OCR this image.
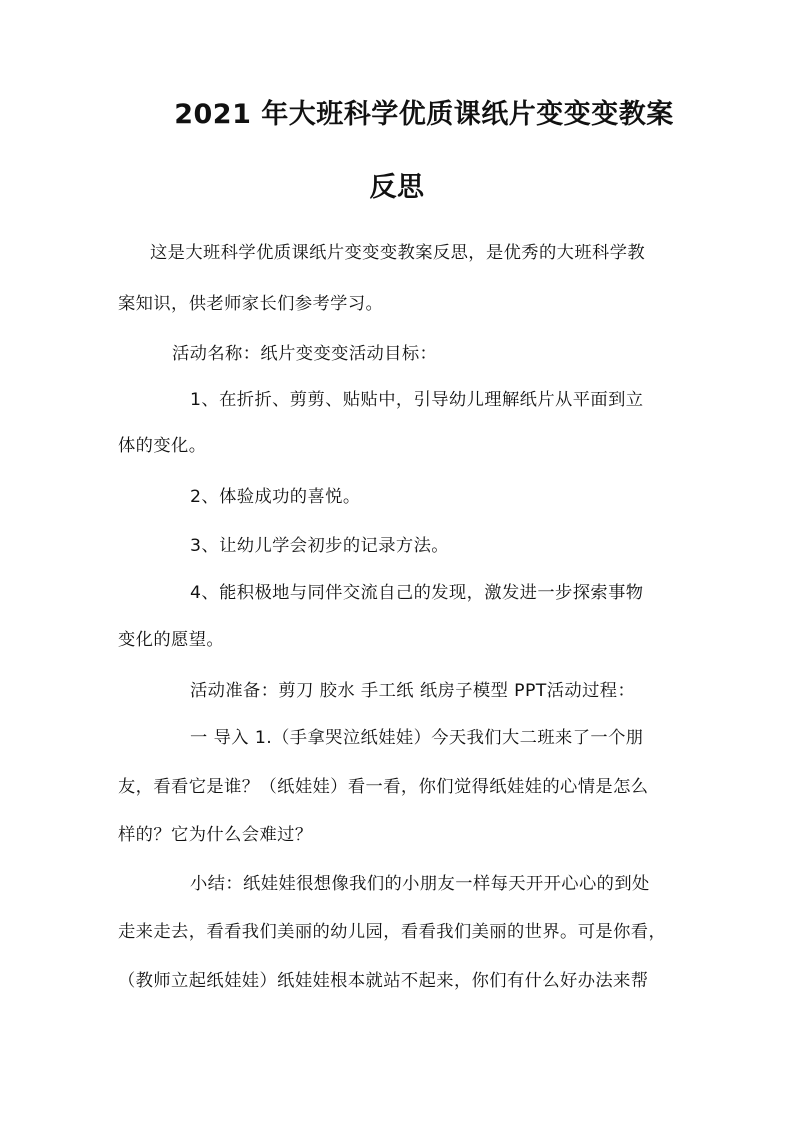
2021 年大班科学优质课纸片变变变教案
反思
这是大班科学优质课纸片变变变教案反思，是优秀的大班科学教
案知识，供老师家长们参考学习。
活动名称：纸片变变变活动目标：
1、在折折、剪剪、贴贴中，引导幼儿理解纸片从平面到立
体的变化。
2、体验成功的喜悦。
3、让幼儿学会初步的记录方法。
4、能积极地与同伴交流自己的发现，激发进一步探索事物
变化的愿望。
活动准备：剪刀 胶水 手工纸 纸房子模型 PPT活动过程：
一 导入 1.（手拿哭泣纸娃娃）今天我们大二班来了一个朋
友，看看它是谁？（纸娃娃）看一看，你们觉得纸娃娃的心情是怎么
样的？它为什么会难过？
小结：纸娃娃很想像我们的小朋友一样每天开开心心的到处
走来走去，看看我们美丽的幼儿园，看看我们美丽的世界。可是你看，
（教师立起纸娃娃）纸娃娃根本就站不起来，你们有什么好办法来帮
